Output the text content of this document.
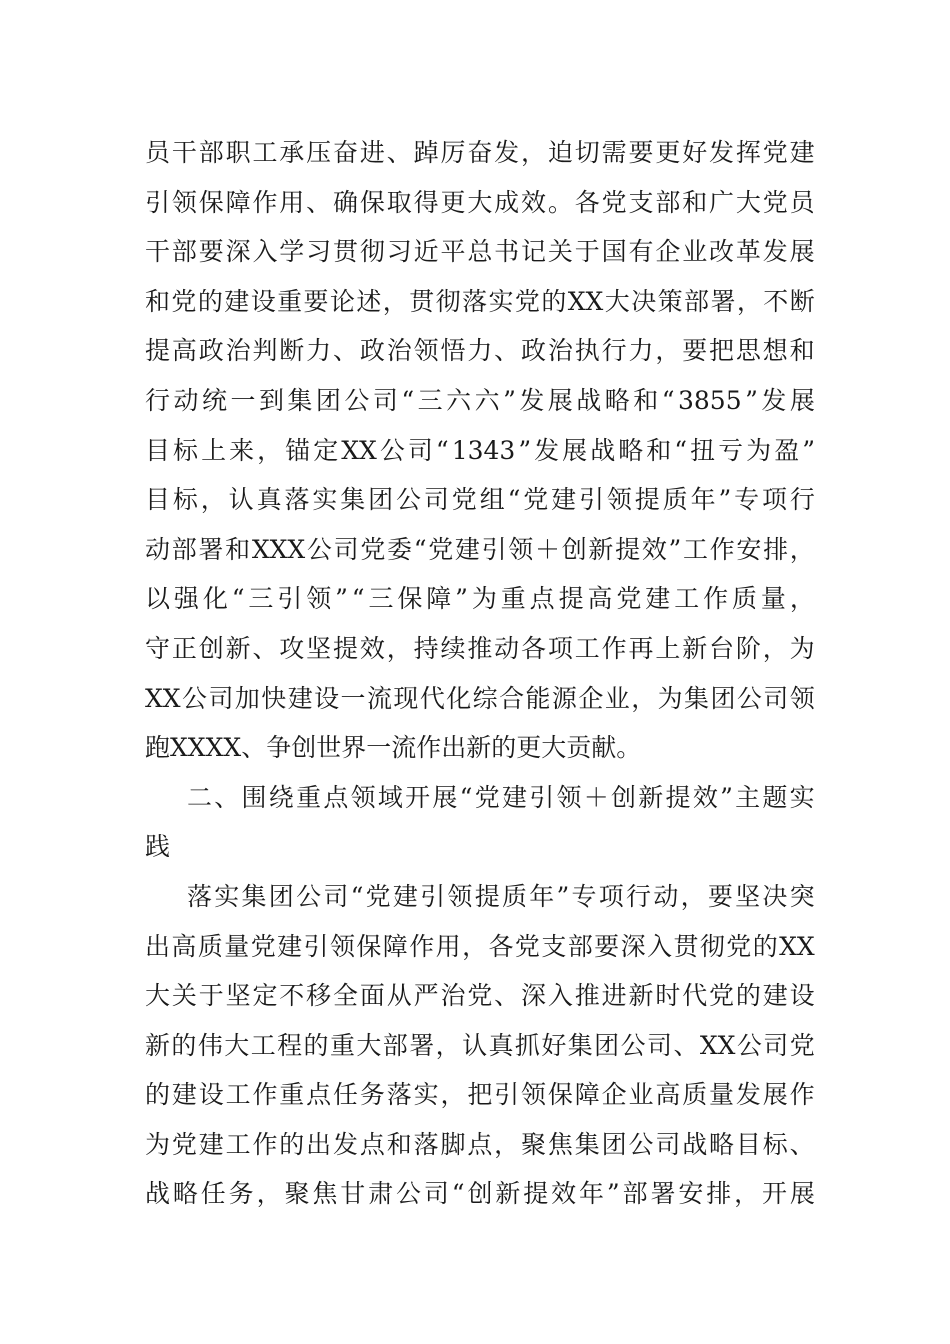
员 干 部 职 工 承 压 奋 进 、 踔 厉 奋 发 ， 迫 切 需 要 更 好 发 挥 党 建
引 领 保 障 作 用 、 确 保 取 得 更 大 成 效 。 各 党 支 部 和 广 大 党 员
干 部 要 深 入 学 习 贯 彻 习 近 平 总 书 记 关 于 国 有 企 业 改 革 发 展
和 党 的 建 设 重 要 论 述 ， 贯 彻 落 实 党 的 XX 大 决 策 部 署 ， 不 断
提 高 政 治 判 断 力 、 政 治 领 悟 力 、 政 治 执 行 力 ， 要 把 思 想 和
行 动 统 一 到 集 团 公 司 “ 三 六 六 ” 发 展 战 略 和 “ 3855 ” 发 展
目 标 上 来 ， 锚 定 XX 公 司 “ 1343 ” 发 展 战 略 和 “ 扭 亏 为 盈 ”
目 标 ， 认 真 落 实 集 团 公 司 党 组 “ 党 建 引 领 提 质 年 ” 专 项 行
动 部 署 和 XXX 公 司 党 委 “ 党 建 引 领 ＋ 创 新 提 效 ” 工 作 安 排 ，
以 强 化 “ 三 引 领 ” “ 三 保 障 ” 为 重 点 提 高 党 建 工 作 质 量 ，
守 正 创 新 、 攻 坚 提 效 ， 持 续 推 动 各 项 工 作 再 上 新 台 阶 ， 为
XX 公 司 加 快 建 设 一 流 现 代 化 综 合 能 源 企 业 ， 为 集 团 公 司 领
跑XXXX、争创世界一流作出新的更大贡献。
二 、 围 绕 重 点 领 域 开 展 “ 党 建 引 领 ＋ 创 新 提 效 ” 主 题 实
践
落 实 集 团 公 司 “ 党 建 引 领 提 质 年 ” 专 项 行 动 ， 要 坚 决 突
出 高 质 量 党 建 引 领 保 障 作 用 ， 各 党 支 部 要 深 入 贯 彻 党 的 XX
大 关 于 坚 定 不 移 全 面 从 严 治 党 、 深 入 推 进 新 时 代 党 的 建 设
新 的 伟 大 工 程 的 重 大 部 署 ， 认 真 抓 好 集 团 公 司 、 XX 公 司 党
的 建 设 工 作 重 点 任 务 落 实 ， 把 引 领 保 障 企 业 高 质 量 发 展 作
为 党 建 工 作 的 出 发 点 和 落 脚 点 ， 聚 焦 集 团 公 司 战 略 目 标 、
战 略 任 务 ， 聚 焦 甘 肃 公 司 “ 创 新 提 效 年 ” 部 署 安 排 ， 开 展
